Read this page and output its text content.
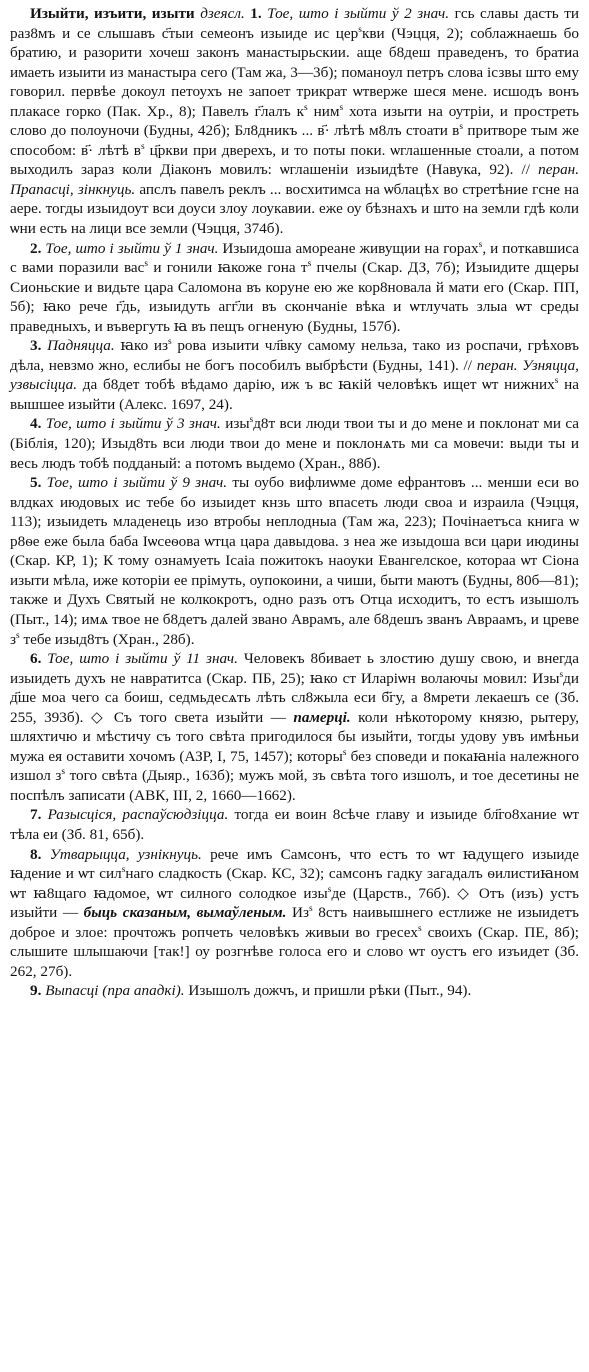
Изыйти, изъити, изыти дзеясл. 1. Тое, што і зыйти ў 2 знач. гсь славы дасть ти раз8мъ и се слышавъ с҃тыи семеонъ изыиде ис цер$^s$кви (Чэцця, 2); соблажнаешь бо братию, и разорити хочеш законъ манастырьскии. аще б8деш праведенъ, то братиа имаеть изыити из манастыра сего (Там жа, 3—3б); поманоул петръ слова ісзвы што ему говорил. первѣе докоул петоухъ не запоет трикрат ѡтверже шеся мене. исшодъ вонъ плакасе горко (Пак. Хр., 8); Павелъ г҃лалъ $к^s$ ним$^s$ хота изыти на оутріи, и простреть слово до полоуночи (Будны, 42б); Бл8дникъ ... в҃· лѣтѣ м8лъ стоати $в^s$ притворе тым же способом: в҃· лѣтѣ $в^s$ ц҃ркви при дверехъ, и то поты поки. ѡглашенные стоали, а потом выходилъ зараз коли Діаконъ мовилъ: ѡглашеніи изыидѣте (Навука, 92). // перан. Прапасці, зінкнуць. апслъ павелъ реклъ ... восхитимса на ѡблацѣх во стретѣние гсне на аере. тогды изыидоут вси доуси злоу лоукавии. еже оу бѣзнахъ и што на земли гдѣ коли ѡни есть на лици все земли (Чэцця, 374б).

2. Тое, што і зыйти ў 1 знач. Изыидоша амореане живущии на горах$^s$, и поткавшиса с вами поразили вас$^s$ и гонили ꙗкоже гона $т^s$ пчелы (Скар. ДЗ, 7б); Изыидите дщеры Сионьские и видьте цара Саломона въ коруне ею же кор8новала й мати его (Скар. ПП, 5б); ꙗко рече г҃дь, изыидуть агг҃ли въ скончаніе вѣка и ѡтлучать злыа ѡт среды праведныхъ, и въвергуть ꙗ въ пещъ огненую (Будны, 157б).

3. Падняцца. ꙗко $из^s$ рова изыити чл҃вку самому нельза, тако из роспачи, грѣховъ дѣла, невзмо жно, еслибы не богъ пособилъ выбрѣсти (Будны, 141). // перан. Узняцца, узвысіцца. да б8дет тобѣ вѣдамо дарію, иж ъ вс ꙗкій человѣкъ ищет ѡт нижних$^s$ на вышшее изыйти (Алекс. 1697, 24).

4. Тое, што і зыйти ў 3 знач. изы$^s$д8т вси люди твои ты и до мене и поклонат ми са (Біблія, 120); Изыд8ть вси люди твои до мене и поклонѧть ми са мовечи: выди ты и весь людъ тобѣ подданый: а потомъ выдемо (Хран., 88б).

5. Тое, што і зыйти ў 9 знач. ты оубо вифлиѡме доме ефрантовъ ... менши еси во влдках июдовых ис тебе бо изыидет кнзь што впасеть люди своа и израила (Чэцця, 113); изыидеть младенець изо втробы неплодныа (Там жа, 223); Почінаетъса книга ѡ р8ѳе еже была баба Іѡсеѳова ѡтца цара давыдова. з неа же изыдоша вси цари июдины (Скар. КР, 1); К тому ознамуеть Ісаіа пожитокъ наоуки Евангелское, котораа ѡт Сіона изыти мѣла, иже которіи ее прімуть, оупокоини, а чиши, быти маютъ (Будны, 80б—81); также и Духъ Святый не колкокротъ, одно разъ отъ Отца исходитъ, то естъ изышолъ (Пыт., 14); имѧ твое не б8детъ далей звано Аврамъ, але б8дешъ званъ Авраамъ, и цреве $з^s$ тебе изыд8тъ (Хран., 28б).

6. Тое, што і зыйти ў 11 знач. Человекъ 8бивает ь злостию душу свою, и внегда изыидеть духъ не навратитса (Скар. ПБ, 25); ꙗко ст Иларіѡн волаючы мовил: Изы$^s$ди д҃ше моа чего са боиш, седмьдесѧть лѣть сл8жыла еси б҃гу, а 8мрети лекаешъ се (Зб. 255, 393б). ◇ Съ того света изыйти — памерці. коли нѣкоторому князю, рытеру, шляхтичю и мѣстичу съ того свѣта пригодилося бы изыйти, тогды удову увъ имѣньи мужа ея оставити хочомъ (АЗР, I, 75, 1457); которы$^s$ без споведи и покаꙗніа належного изшол $з^s$ того свѣта (Дыяр., 163б); мужъ мой, зъ свѣта того изшолъ, и тое десетины не поспѣлъ записати (АВК, III, 2, 1660—1662).

7. Разысціся, распаўсюдзіцца. тогда еи воин 8сѣче главу и изыиде бл҃го8хание ѡт тѣла еи (Зб. 81, 65б).

8. Утварыцца, узнікнуць. рече имъ Самсонъ, что естъ то ѡт ꙗдущего изыиде ꙗдение и ѡт сил$^s$наго сладкость (Скар. КС, 32); самсонъ гадку загадалъ ѳилистиꙗном ѡт ꙗ8щаго ꙗдомое, ѡт силного солодкое изы$^s$де (Царств., 76б). ◇ Отъ (изъ) устъ изыйти — быць сказаным, вымаўленым. $Из^s$ 8стъ наивышнего естлиже не изыидетъ доброе и злое: прочтожъ ропчеть человѣкъ живыи во гресех$^s$ своихъ (Скар. ПЕ, 8б); слышите шлышаючи [так!] оу розгнѣве голоса его и слово ѡт оустъ его изъидет (Зб. 262, 27б).

9. Выпасці (пра ападкі). Изышолъ дожчъ, и пришли рѣки (Пыт., 94).
